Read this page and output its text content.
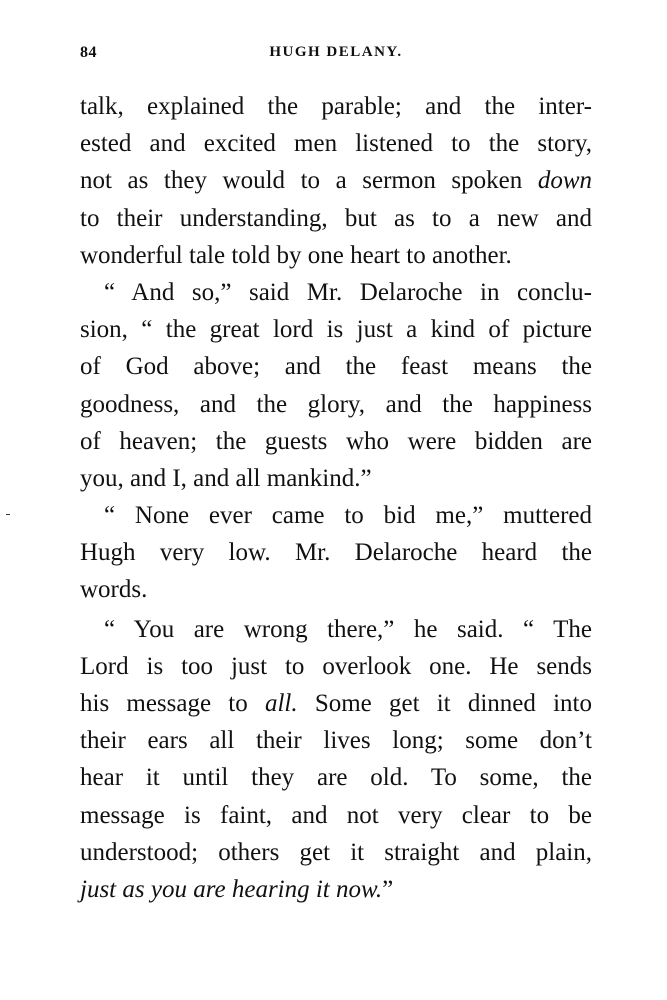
84	HUGH DELANY.
talk, explained the parable; and the inter-
ested and excited men listened to the story,
not as they would to a sermon spoken down
to their understanding, but as to a new and
wonderful tale told by one heart to another.
“ And so,” said Mr. Delaroche in conclu-
sion, “ the great lord is just a kind of picture
of God above; and the feast means the
goodness, and the glory, and the happiness
of heaven; the guests who were bidden are
you, and I, and all mankind.”
“ None ever came to bid me,” muttered
Hugh very low. Mr. Delaroche heard the
words.
“ You are wrong there,” he said. “ The
Lord is too just to overlook one. He sends
his message to all. Some get it dinned into
their ears all their lives long; some don’t
hear it until they are old. To some, the
message is faint, and not very clear to be
understood; others get it straight and plain,
just as you are hearing it now.”
